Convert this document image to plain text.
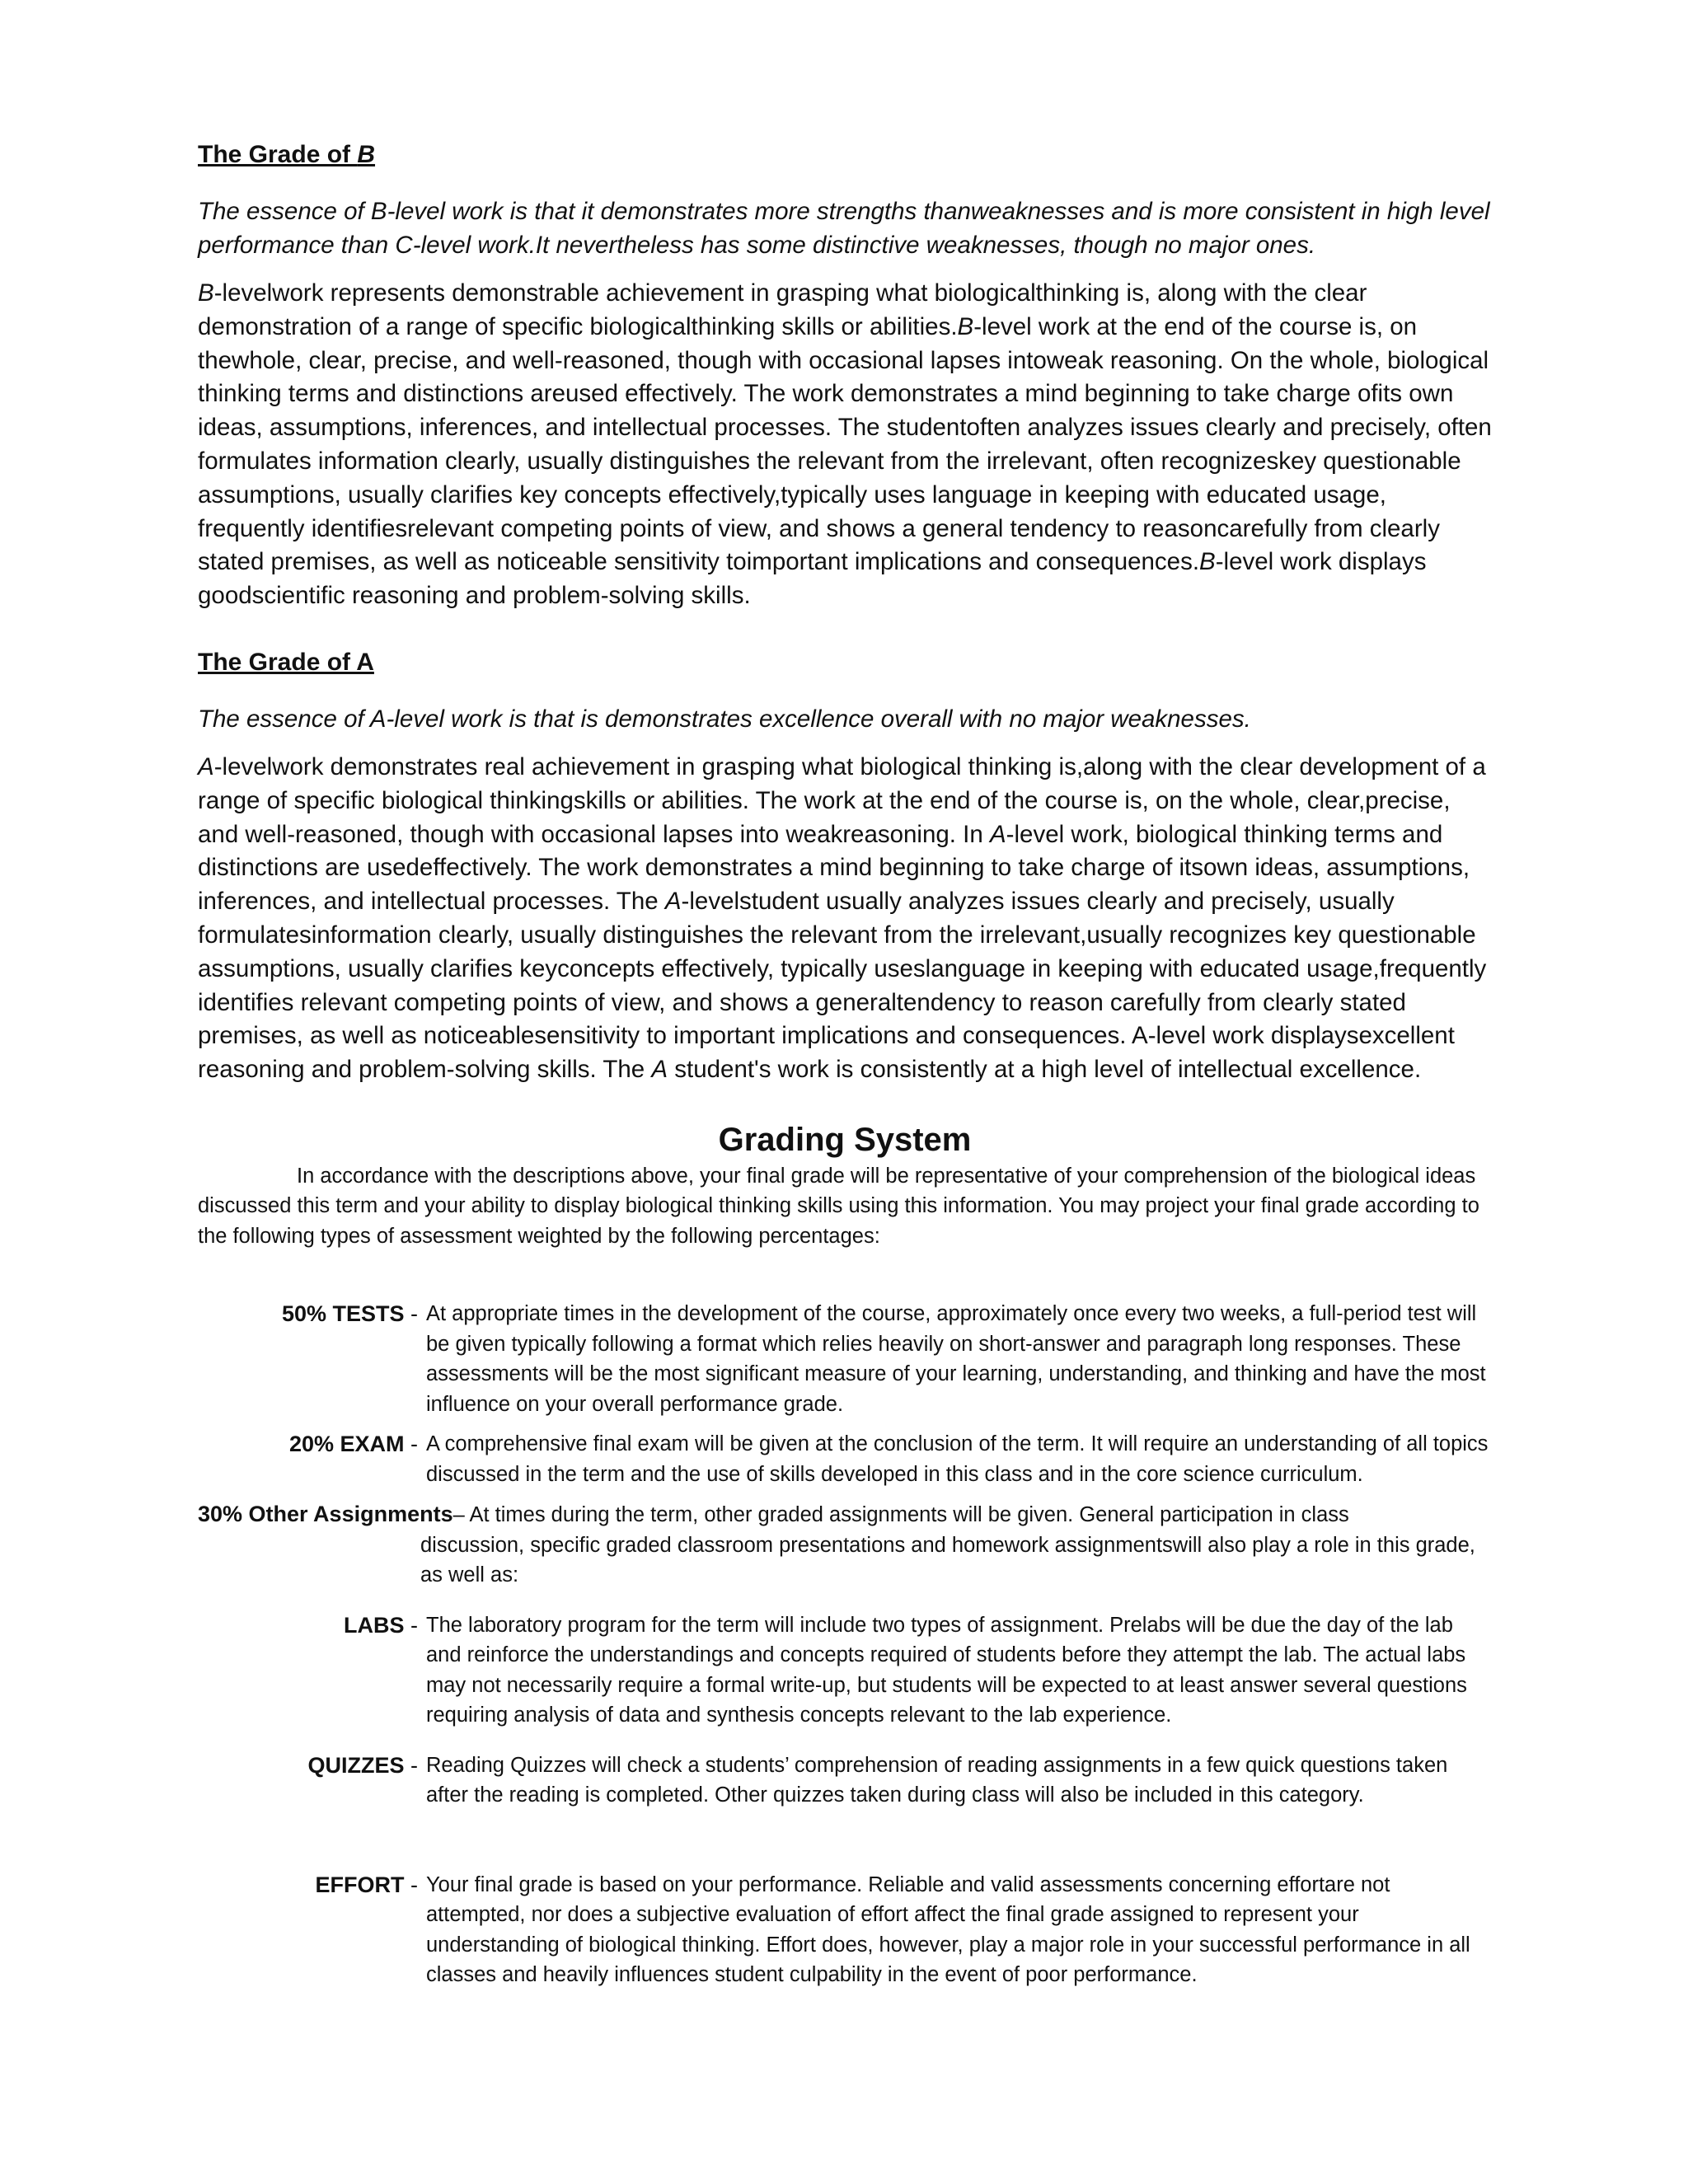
The Grade of B

The essence of B-level work is that it demonstrates more strengths thanweaknesses and is more consistent in high level performance than C-level work.It nevertheless has some distinctive weaknesses, though no major ones.

B-levelwork represents demonstrable achievement in grasping what biologicalthinking is, along with the clear demonstration of a range of specific biologicalthinking skills or abilities.B-level work at the end of the course is, on thewhole, clear, precise, and well-reasoned, though with occasional lapses intoweak reasoning. On the whole, biological thinking terms and distinctions areused effectively. The work demonstrates a mind beginning to take charge ofits own ideas, assumptions, inferences, and intellectual processes. The studentoften analyzes issues clearly and precisely, often formulates information clearly, usually distinguishes the relevant from the irrelevant, often recognizeskey questionable assumptions, usually clarifies key concepts effectively,typically uses language in keeping with educated usage, frequently identifiesrelevant competing points of view, and shows a general tendency to reasoncarefully from clearly stated premises, as well as noticeable sensitivity toimportant implications and consequences.B-level work displays goodscientific reasoning and problem-solving skills.

The Grade of A

The essence of A-level work is that is demonstrates excellence overall with no major weaknesses.

A-levelwork demonstrates real achievement in grasping what biological thinking is,along with the clear development of a range of specific biological thinkingskills or abilities. The work at the end of the course is, on the whole, clear,precise, and well-reasoned, though with occasional lapses into weakreasoning. In A-level work, biological thinking terms and distinctions are usedeffectively. The work demonstrates a mind beginning to take charge of itsown ideas, assumptions, inferences, and intellectual processes. The A-levelstudent usually analyzes issues clearly and precisely, usually formulatesinformation clearly, usually distinguishes the relevant from the irrelevant,usually recognizes key questionable assumptions, usually clarifies keyconcepts effectively, typically useslanguage in keeping with educated usage,frequently identifies relevant competing points of view, and shows a generaltendency to reason carefully from clearly stated premises, as well as noticeablesensitivity to important implications and consequences. A-level work displaysexcellent reasoning and problem-solving skills. The A student's work is consistently at a high level of intellectual excellence.

Grading System

In accordance with the descriptions above, your final grade will be representative of your comprehension of the biological ideas discussed this term and your ability to display biological thinking skills using this information. You may project your final grade according to the following types of assessment weighted by the following percentages:

50% TESTS - At appropriate times in the development of the course, approximately once every two weeks, a full-period test will be given typically following a format which relies heavily on short-answer and paragraph long responses. These assessments will be the most significant measure of your learning, understanding, and thinking and have the most influence on your overall performance grade.
20% EXAM - A comprehensive final exam will be given at the conclusion of the term. It will require an understanding of all topics discussed in the term and the use of skills developed in this class and in the core science curriculum.
30% Other Assignments– At times during the term, other graded assignments will be given. General participation in class
discussion, specific graded classroom presentations and homework assignmentswill also play a role in this grade, as well as:
LABS - The laboratory program for the term will include two types of assignment. Prelabs will be due the day of the lab and reinforce the understandings and concepts required of students before they attempt the lab. The actual labs may not necessarily require a formal write-up, but students will be expected to at least answer several questions requiring analysis of data and synthesis concepts relevant to the lab experience.
QUIZZES - Reading Quizzes will check a students’ comprehension of reading assignments in a few quick questions taken after the reading is completed. Other quizzes taken during class will also be included in this category.
EFFORT - Your final grade is based on your performance. Reliable and valid assessments concerning effortare not attempted, nor does a subjective evaluation of effort affect the final grade assigned to represent your understanding of biological thinking. Effort does, however, play a major role in your successful performance in all classes and heavily influences student culpability in the event of poor performance.
